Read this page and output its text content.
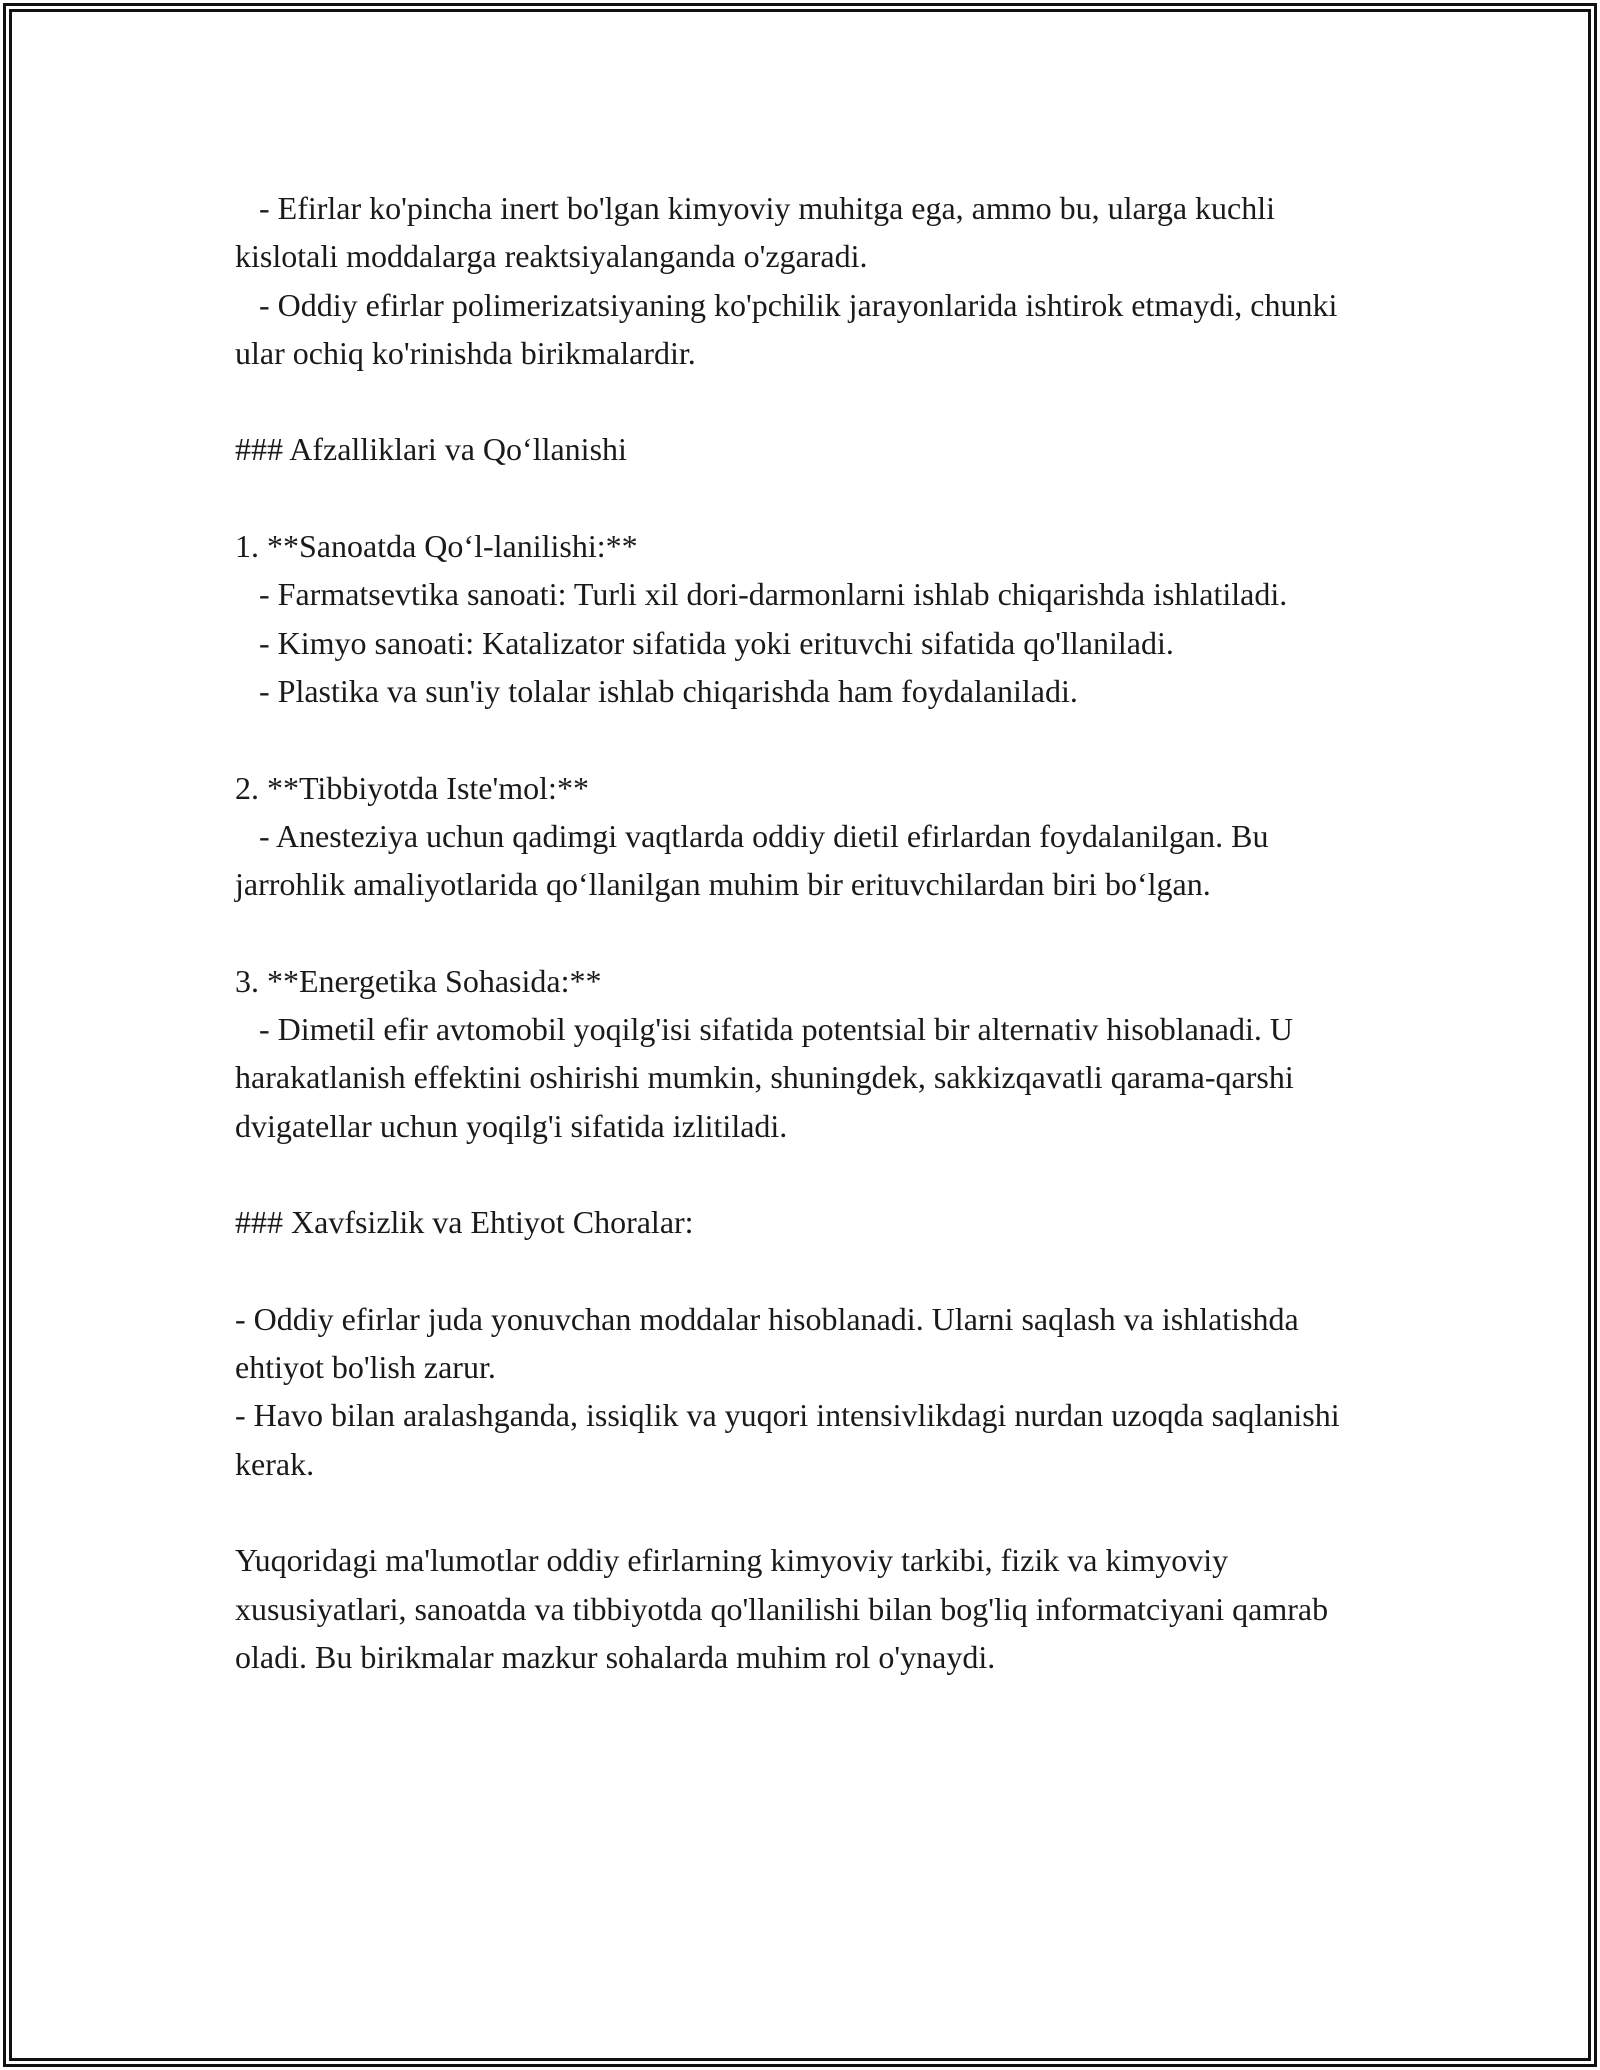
- Efirlar ko'pincha inert bo'lgan kimyoviy muhitga ega, ammo bu, ularga kuchli kislotali moddalarga reaktsiyalanganda o'zgaradi.

- Oddiy efirlar polimerizatsiyaning ko'pchilik jarayonlarida ishtirok etmaydi, chunki ular ochiq ko'rinishda birikmalardir.

### Afzalliklari va Qo‘llanishi

1. **Sanoatda Qo‘l-lanilishi:**

- Farmatsevtika sanoati: Turli xil dori-darmonlarni ishlab chiqarishda ishlatiladi.

- Kimyo sanoati: Katalizator sifatida yoki erituvchi sifatida qo'llaniladi.

- Plastika va sun'iy tolalar ishlab chiqarishda ham foydalaniladi.

2. **Tibbiyotda Iste'mol:**

- Anesteziya uchun qadimgi vaqtlarda oddiy dietil efirlardan foydalanilgan. Bu jarrohlik amaliyotlarida qo‘llanilgan muhim bir erituvchilardan biri bo‘lgan.

3. **Energetika Sohasida:**

- Dimetil efir avtomobil yoqilg'isi sifatida potentsial bir alternativ hisoblanadi. U harakatlanish effektini oshirishi mumkin, shuningdek, sakkizqavatli qarama-qarshi dvigatellar uchun yoqilg'i sifatida izlitiladi.

### Xavfsizlik va Ehtiyot Choralar:

- Oddiy efirlar juda yonuvchan moddalar hisoblanadi. Ularni saqlash va ishlatishda ehtiyot bo'lish zarur.

- Havo bilan aralashganda, issiqlik va yuqori intensivlikdagi nurdan uzoqda saqlanishi kerak.

Yuqoridagi ma'lumotlar oddiy efirlarning kimyoviy tarkibi, fizik va kimyoviy xususiyatlari, sanoatda va tibbiyotda qo'llanilishi bilan bog'liq informatciyani qamrab oladi. Bu birikmalar mazkur sohalarda muhim rol o'ynaydi.
